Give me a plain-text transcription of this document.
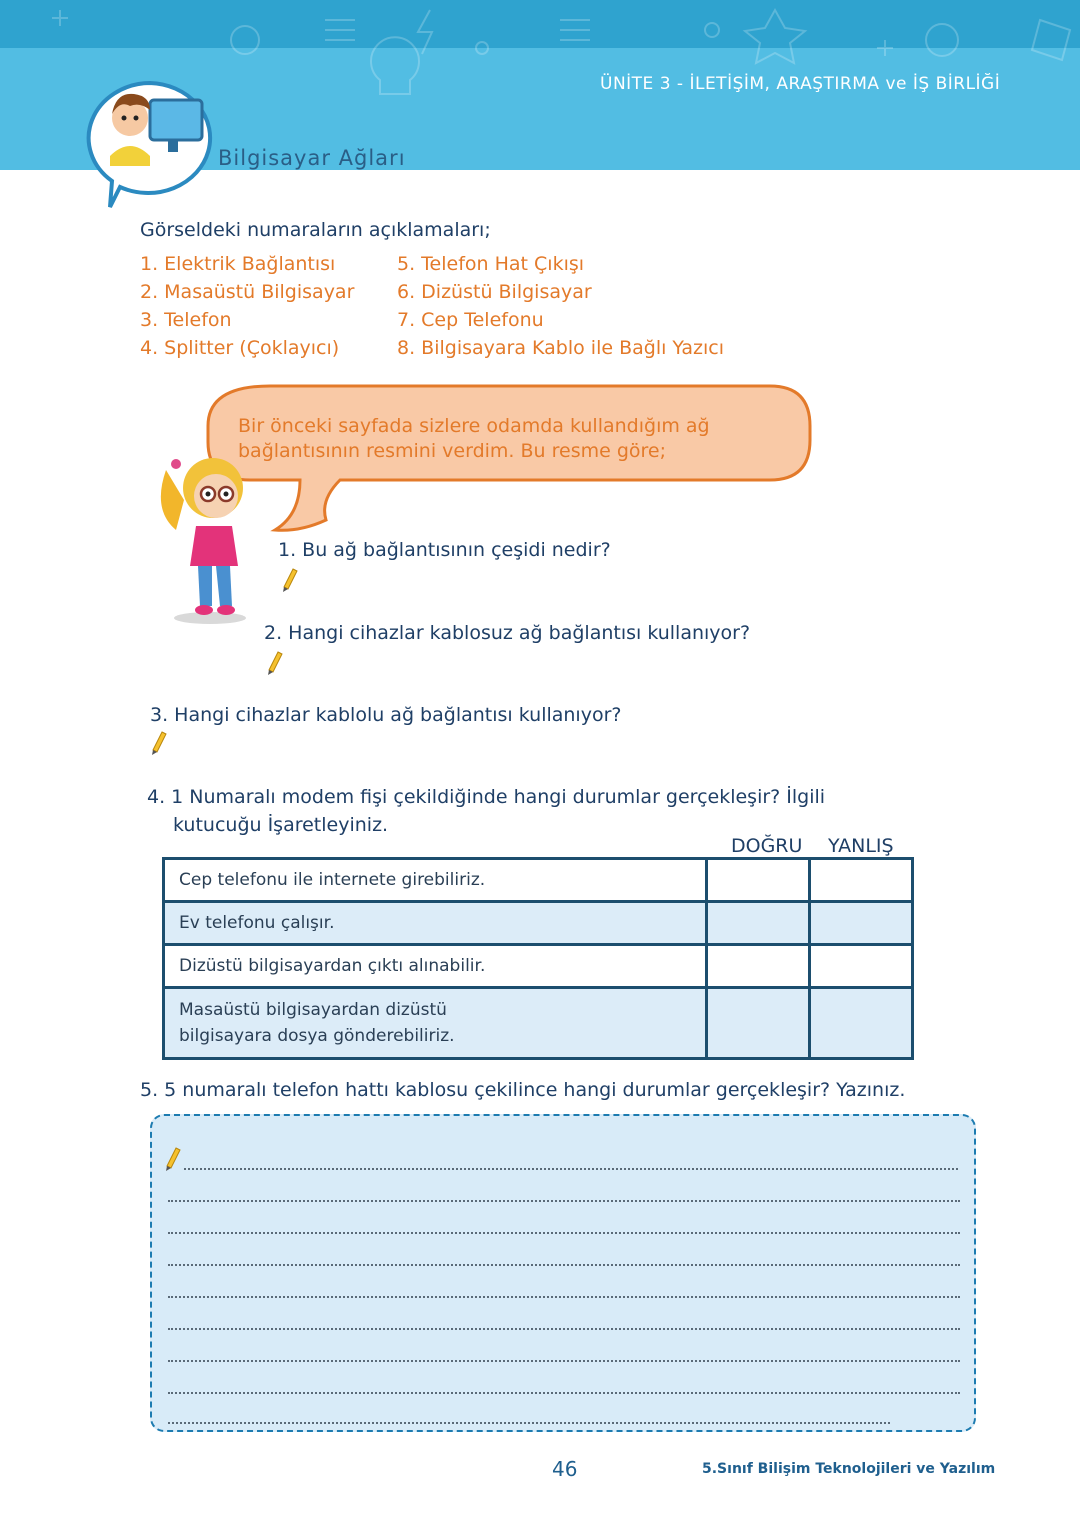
ÜNİTE 3 - İLETİŞİM, ARAŞTIRMA ve İŞ BİRLİĞİ
Bilgisayar Ağları
Görseldeki numaraların açıklamaları;
1. Elektrik Bağlantısı
2. Masaüstü Bilgisayar
3. Telefon
4. Splitter (Çoklayıcı)
5. Telefon Hat Çıkışı
6. Dizüstü Bilgisayar
7. Cep Telefonu
8. Bilgisayara Kablo ile Bağlı Yazıcı
Bir önceki sayfada sizlere odamda kullandığım ağ bağlantısının resmini verdim. Bu resme göre;
1. Bu ağ bağlantısının çeşidi nedir?
2. Hangi cihazlar kablosuz ağ bağlantısı kullanıyor?
3. Hangi cihazlar kablolu ağ bağlantısı kullanıyor?
4. 1 Numaralı modem fişi çekildiğinde hangi durumlar gerçekleşir? İlgili
kutucuğu İşaretleyiniz.
DOĞRU YANLIŞ
Cep telefonu ile internete girebiliriz.		
Ev telefonu çalışır.		
Dizüstü bilgisayardan çıktı alınabilir.		

Masaüstü bilgisayardan dizüstü
bilgisayara dosya gönderebiliriz.		

5. 5 numaralı telefon hattı kablosu çekilince hangi durumlar gerçekleşir? Yazınız.
46	5.Sınıf Bilişim Teknolojileri ve Yazılım
